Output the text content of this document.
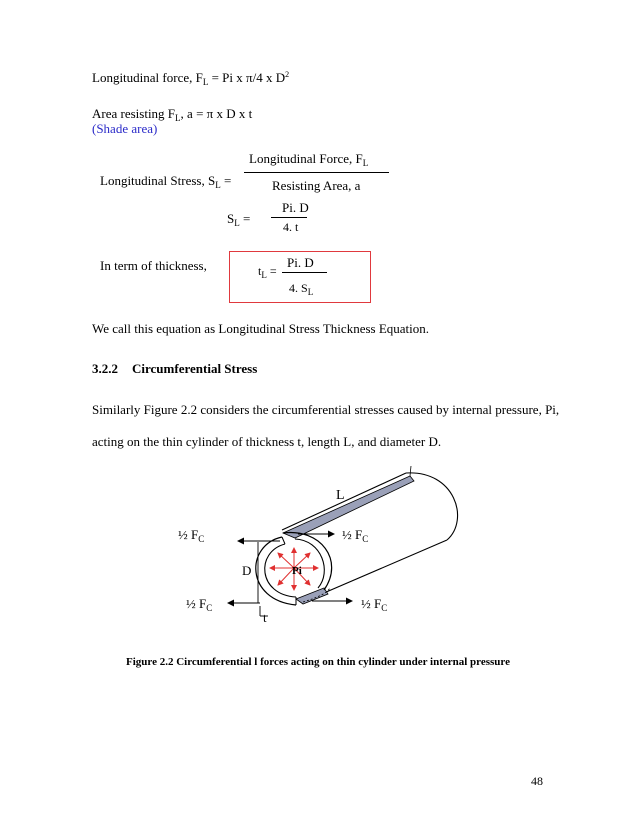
Longitudinal force, $F_L = Pi$ x π/4 x $D^2$
Area resisting $F_L$, a = π x D x t
(Shade area)
Longitudinal Force, $F_L$
Longitudinal Stress, $S_L$ =	Resisting Area, a
Pi. D
$S_L$ =
4. t
In term of thickness,	Pi. D
$t_L$ =
4. $S_L$
We call this equation as Longitudinal Stress Thickness Equation.
3.2.2 Circumferential Stress
Similarly Figure 2.2 considers the circumferential stresses caused by internal pressure, Pi,
acting on the thin cylinder of thickness t, length L, and diameter D.
L
½ $F_C$	½ $F_C$
D	Pi
½ $F_C$	½ $F_C$
t
Figure 2.2 Circumferential l forces acting on thin cylinder under internal pressure
48
